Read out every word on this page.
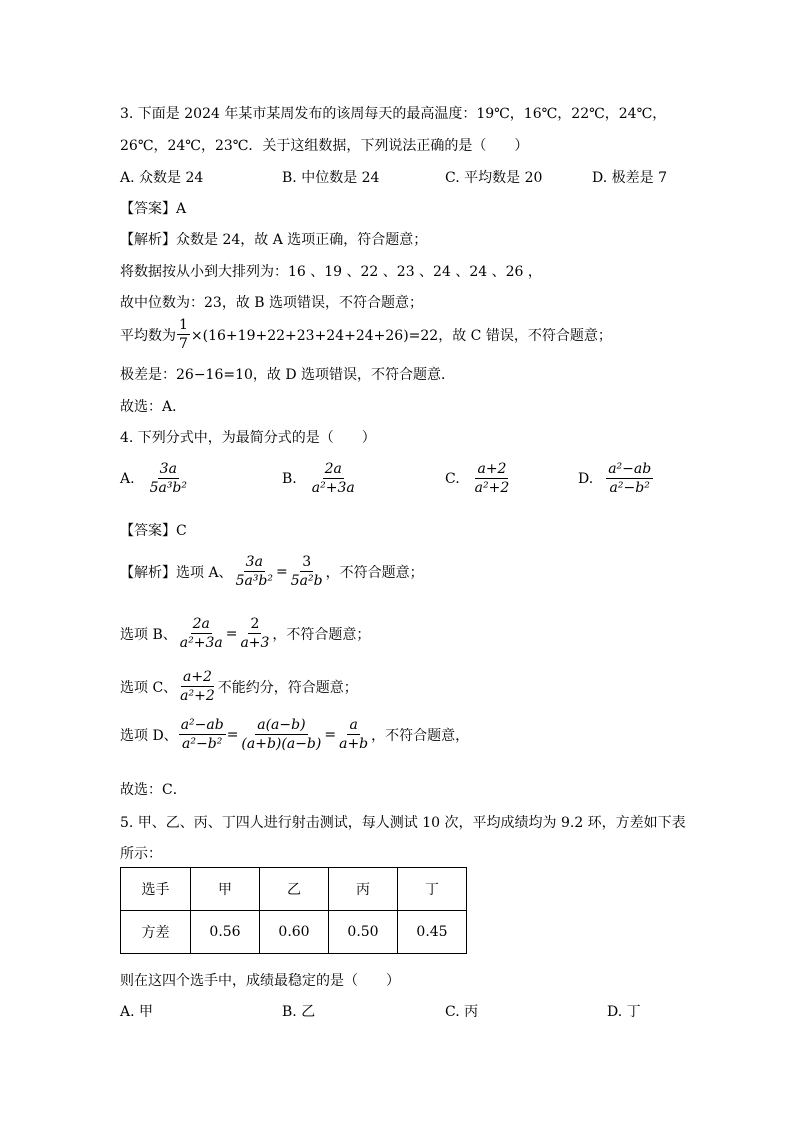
3. 下面是 2024 年某市某周发布的该周每天的最高温度：19℃，16℃，22℃，24℃，
26℃，24℃，23℃．关于这组数据，下列说法正确的是（　　）
A. 众数是 24	B. 中位数是 24	C. 平均数是 20	D. 极差是 7
【答案】A
【解析】众数是 24，故 A 选项正确，符合题意；
将数据按从小到大排列为：16 、19 、22 、23 、24 、24 、26 ，
故中位数为：23，故 B 选项错误，不符合题意；
平均数为 $\frac{1}{7} \times(16+19+22+23+24+24+26)=22$，故 C 错误，不符合题意；
极差是：26−16=10，故 D 选项错误，不符合题意．
故选：A．
4. 下列分式中，为最简分式的是（　　）
A. $\frac{3a}{\text{5a³b²}}$	B. $\frac{2a}{\text{a²+3a}}$	C. $\frac{a+2}{\text{a²+2}}$	D. $\frac{\text{a²−ab}}{\text{a²−b²}}$
【答案】C
【解析】选项 A、 $\frac{3a}{\text{5a³b²}} = \frac{3}{\text{5a²b}}$ ，不符合题意；
选项 B、 $\frac{2a}{\text{a²+3a}} = \frac{2}{a+3}$ ，不符合题意；
选项 C、 $\frac{a+2}{\text{a²+2}}$ 不能约分，符合题意；
选项 D、 $\frac{\text{a²−ab}}{\text{a²−b²}} = \frac{a(a-b)}{(a+b)(a-b)} = \frac{a}{a+b}$ ，不符合题意，
故选：C．
5. 甲、乙、丙、丁四人进行射击测试，每人测试 10 次，平均成绩均为 9.2 环，方差如下表
所示：
选手	甲	乙	丙	丁
方差	0.56	0.60	0.50	0.45
则在这四个选手中，成绩最稳定的是（　　）
A. 甲	B. 乙	C. 丙	D. 丁
